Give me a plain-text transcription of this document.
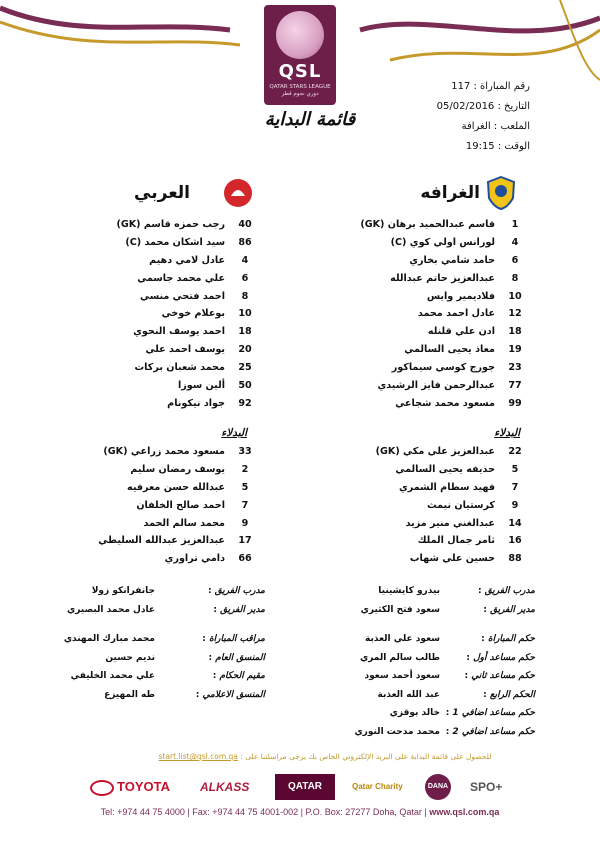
QSL
QATAR STARS LEAGUE
دوري نجوم قطر
رقم المباراة : 117
التاريخ : 05/02/2016
الملعب : الغرافة
الوقت : 19:15
قائمة البداية
الغرافه
العربي
1قاسم عبدالحميد برهان (GK)
4لورانس اولي كوي (C)
6حامد شامي بخاري
8عبدالعزيز حاتم عبدالله
10فلاديمير وايس
12عادل احمد محمد
18ادن علي قلنله
19معاذ يحيى السالمي
23جورج كوسي سيماكور
77عبدالرحمن فايز الرشيدي
99مسعود محمد شجاعي
40رجب حمزه قاسم (GK)
86سيد اشكان محمد (C)
4عادل لامي دهيم
6علي محمد جاسمي
8احمد فتحي منسي
10بوعلام خوخي
18احمد يوسف النحوي
20يوسف احمد علي
25محمد شعبان بركات
50ألين سوزا
92جواد نيكونام
البدلاء
البدلاء
22عبدالعزيز علي مكي (GK)
5حذيفه يحيى السالمي
7فهيد سطام الشمري
9كرستيان نيمث
14عبدالغني منير مزيد
16ثامر جمال الملك
88حسين علي شهاب
33مسعود محمد زراعي (GK)
2يوسف رمضان سليم
5عبدالله حسن معرفيه
7احمد صالح الخلفان
9محمد سالم الحمد
17عبدالعزيز عبدالله السليطي
66دامي تراوري
مدرب الفريق :
بيدرو كايشينيا
مدير الفريق :
سعود فتح الكثيري
مدرب الفريق :
جانفرانكو زولا
مدير الفريق :
عادل محمد البصيري
حكم المباراة :
سعود علي العذبة
حكم مساعد أول :
طالب سالم المري
حكم مساعد ثاني :
سعود أحمد سعود
الحكم الرابع :
عبد الله العذبة
حكم مساعد اضافي 1 :
خالد بوقزي
حكم مساعد اضافي 2 :
محمد مدحت النوري
مراقب المباراة :
محمد مبارك المهندي
المنسق العام :
نديم حسين
مقيم الحكام :
علي محمد الخليفي
المنسق الاعلامي :
طه المهيزع
للحصول على قائمة البداية على البريد الإلكتروني الخاص بك يرجى مراسلتنا على : start.list@qsl.com.qa
TOYOTA	ALKASS	QATAR	Qatar Charity	DANA SPO+
Tel: +974 44 75 4000 | Fax: +974 44 75 4001-002 | P.O. Box: 27277 Doha, Qatar | www.qsl.com.qa
